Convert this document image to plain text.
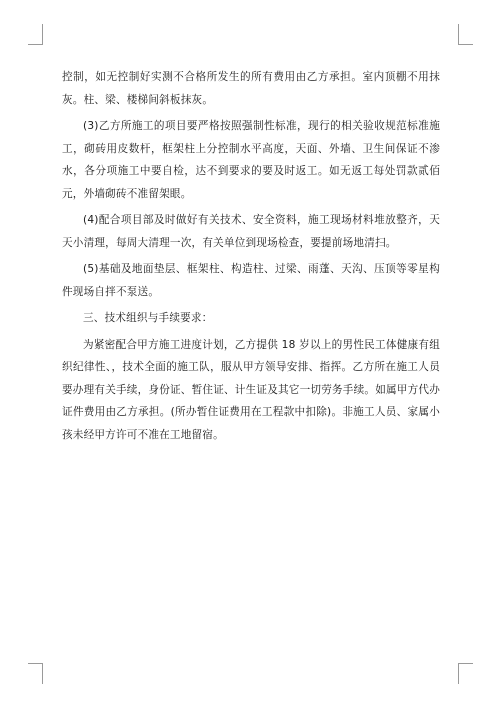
控制，如无控制好实测不合格所发生的所有费用由乙方承担。室内顶棚不用抹灰。柱、梁、楼梯间斜板抹灰。

(3)乙方所施工的项目要严格按照强制性标准，现行的相关验收规范标准施工，砌砖用皮数杆，框架柱上分控制水平高度，天面、外墙、卫生间保证不渗水，各分项施工中要自检，达不到要求的要及时返工。如无返工每处罚款贰佰元，外墙砌砖不准留架眼。

(4)配合项目部及时做好有关技术、安全资料，施工现场材料堆放整齐，天天小清理，每周大清理一次，有关单位到现场检查，要提前场地清扫。

(5)基础及地面垫层、框架柱、构造柱、过梁、雨蓬、天沟、压顶等零星构件现场自拌不泵送。

三、技术组织与手续要求：

为紧密配合甲方施工进度计划，乙方提供 18 岁以上的男性民工体健康有组织纪律性、，技术全面的施工队，服从甲方领导安排、指挥。乙方所在施工人员要办理有关手续，身份证、暂住证、计生证及其它一切劳务手续。如属甲方代办证件费用由乙方承担。(所办暂住证费用在工程款中扣除)。非施工人员、家属小孩未经甲方许可不准在工地留宿。
